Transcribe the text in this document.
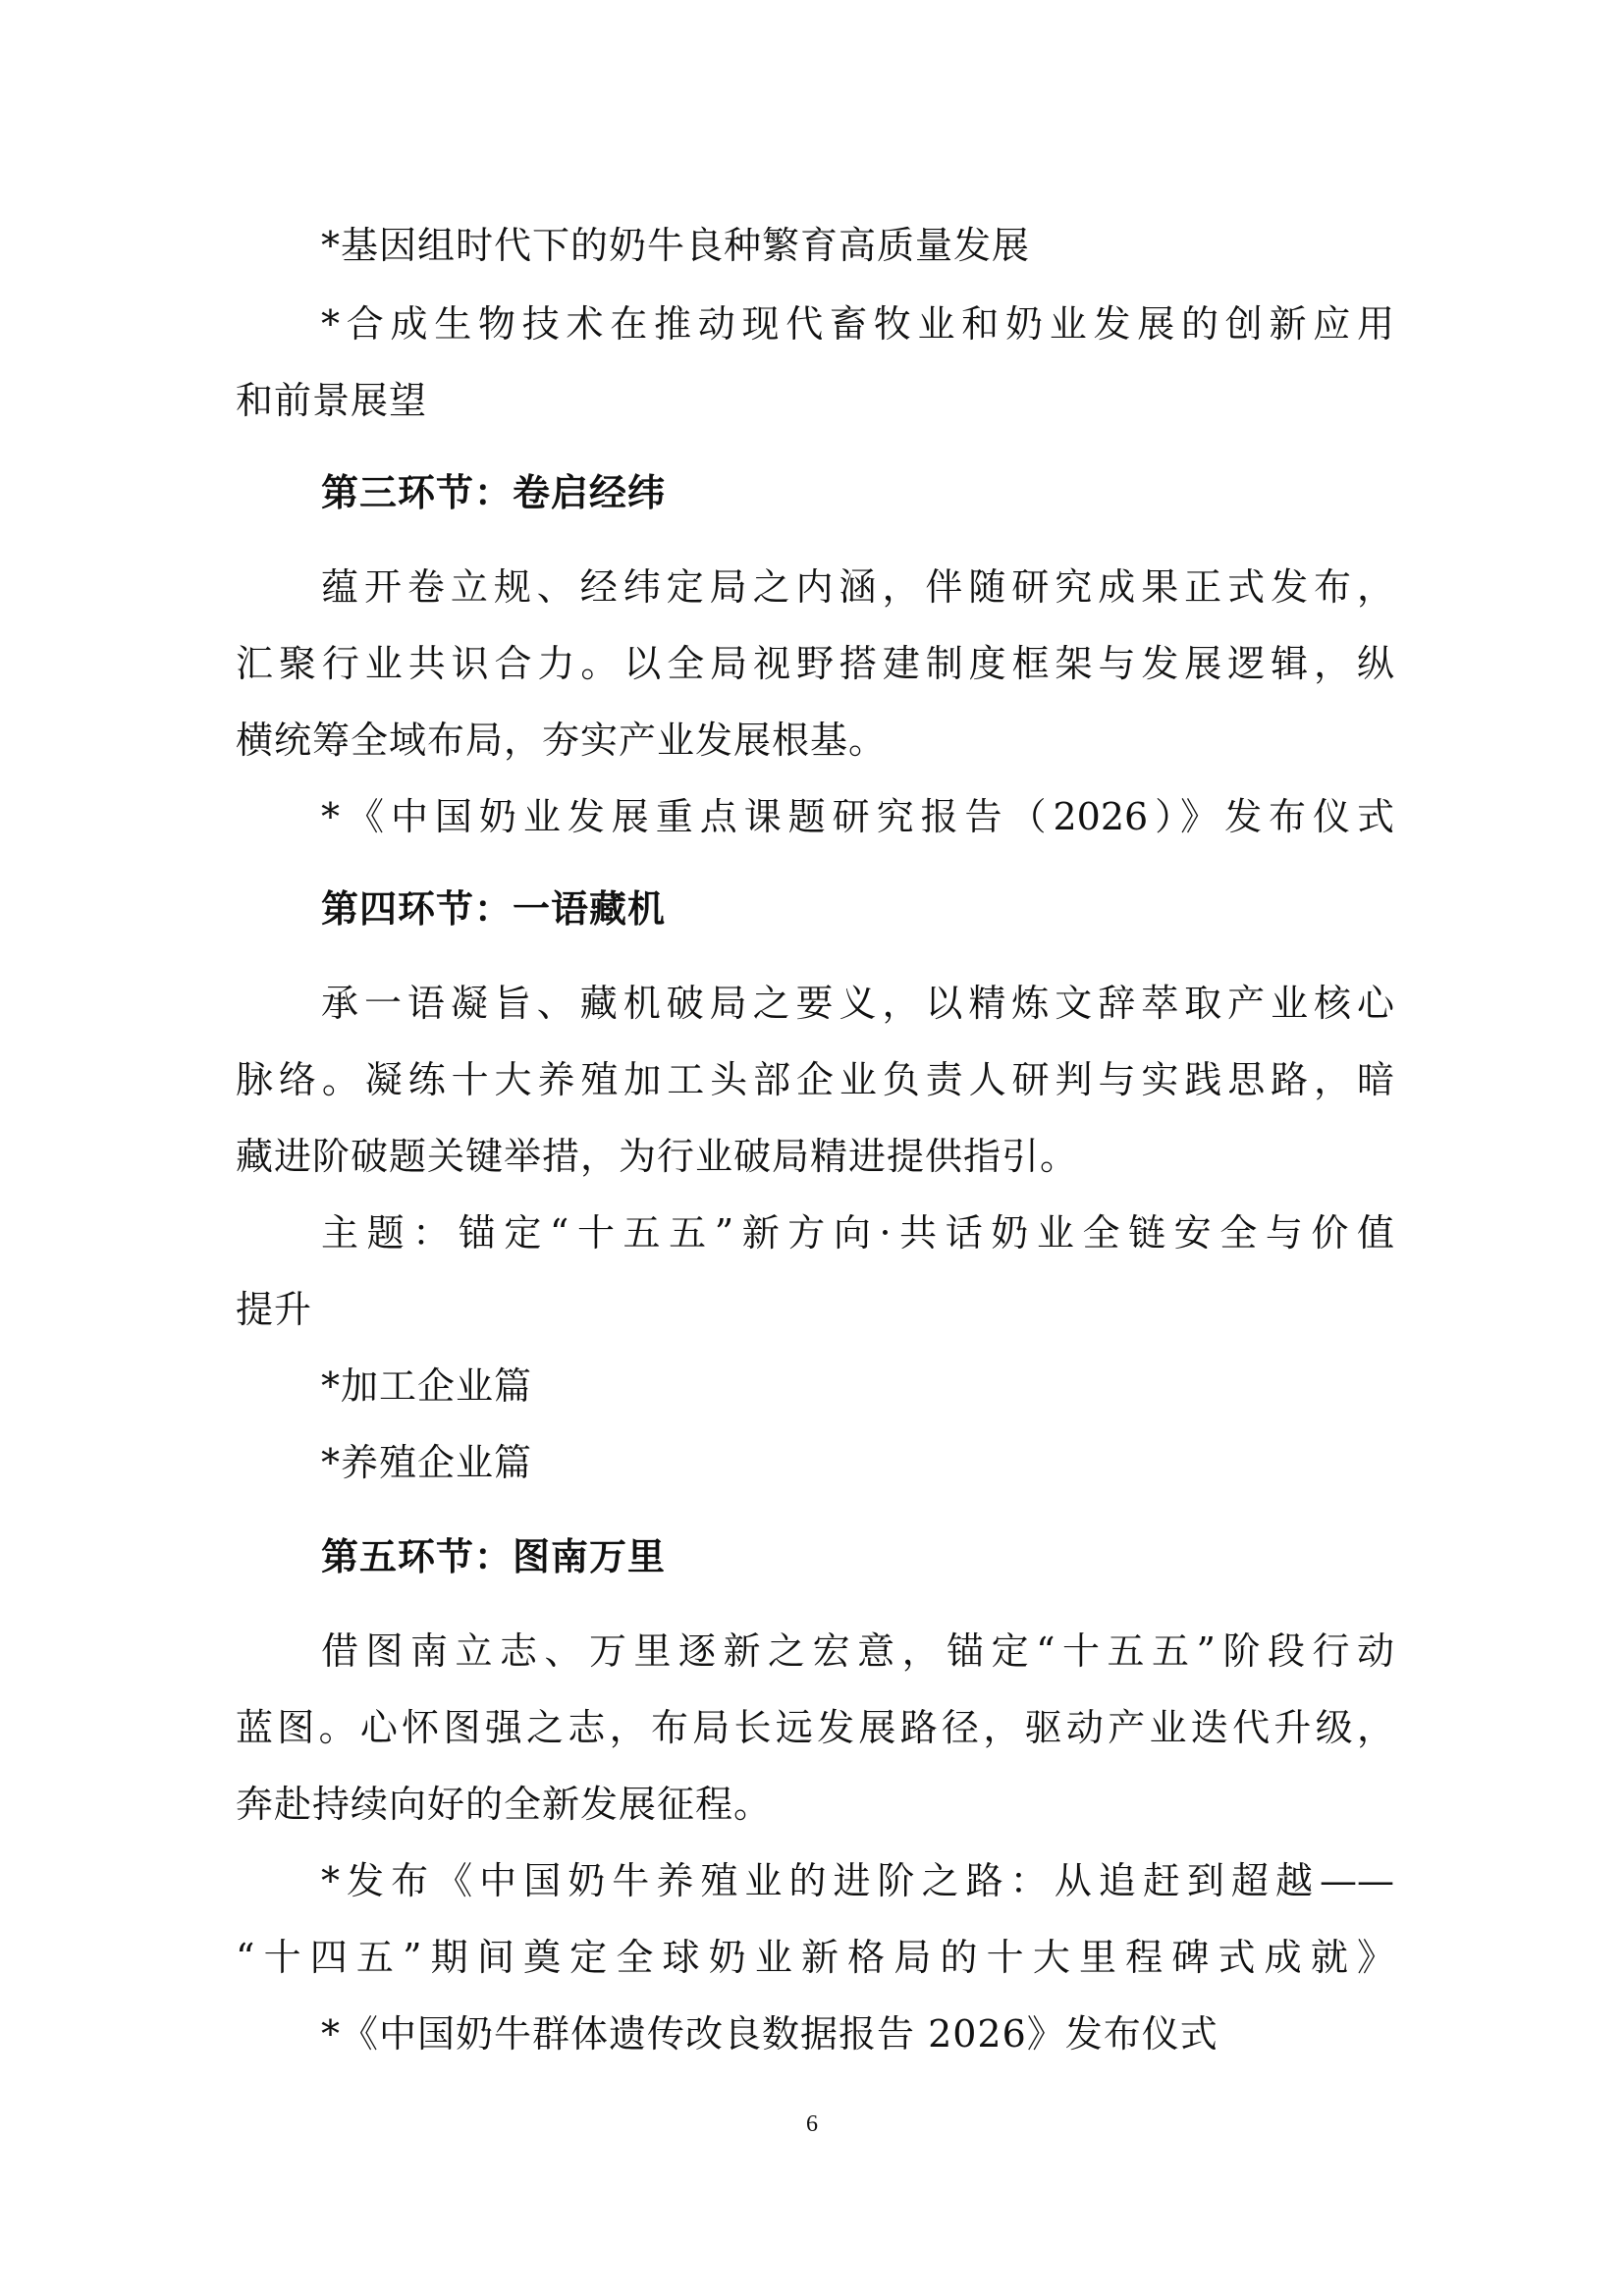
*基因组时代下的奶牛良种繁育高质量发展
*合成生物技术在推动现代畜牧业和奶业发展的创新应用
和前景展望
第三环节：卷启经纬
蕴开卷立规、经纬定局之内涵，伴随研究成果正式发布，
汇聚行业共识合力。以全局视野搭建制度框架与发展逻辑，纵
横统筹全域布局，夯实产业发展根基。
*《中国奶业发展重点课题研究报告（2026）》发布仪式
第四环节：一语藏机
承一语凝旨、藏机破局之要义，以精炼文辞萃取产业核心
脉络。凝练十大养殖加工头部企业负责人研判与实践思路，暗
藏进阶破题关键举措，为行业破局精进提供指引。
主题：锚定“十五五”新方向·共话奶业全链安全与价值
提升
*加工企业篇
*养殖企业篇
第五环节：图南万里
借图南立志、万里逐新之宏意，锚定“十五五”阶段行动
蓝图。心怀图强之志，布局长远发展路径，驱动产业迭代升级，
奔赴持续向好的全新发展征程。
*发布《中国奶牛养殖业的进阶之路：从追赶到超越——
“十四五”期间奠定全球奶业新格局的十大里程碑式成就》
*《中国奶牛群体遗传改良数据报告 2026》发布仪式
6
